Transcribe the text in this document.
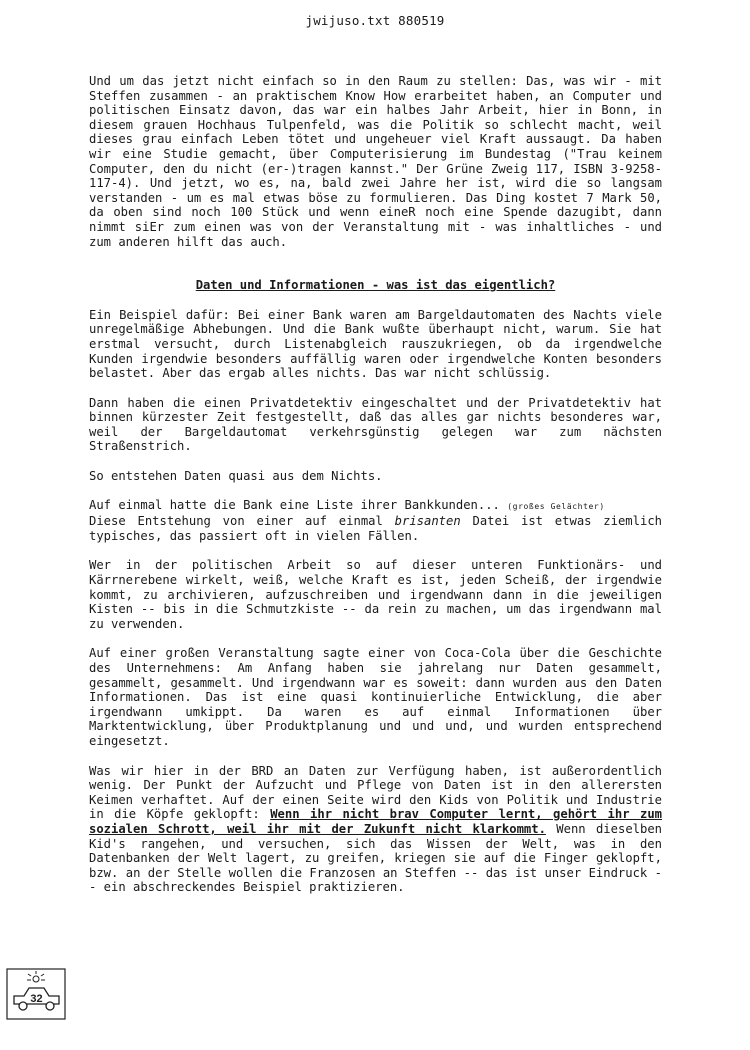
jwijuso.txt 880519

Und um das jetzt nicht einfach so in den Raum zu stellen: Das, was wir - mit Steffen zusammen - an praktischem Know How erarbeitet haben, an Computer und politischen Einsatz davon, das war ein halbes Jahr Arbeit, hier in Bonn, in diesem grauen Hochhaus Tulpenfeld, was die Politik so schlecht macht, weil dieses grau einfach Leben tötet und ungeheuer viel Kraft aussaugt. Da haben wir eine Studie gemacht, über Computerisierung im Bundestag ("Trau keinem Computer, den du nicht (er-)tragen kannst." Der Grüne Zweig 117, ISBN 3-9258-117-4). Und jetzt, wo es, na, bald zwei Jahre her ist, wird die so langsam verstanden - um es mal etwas böse zu formulieren. Das Ding kostet 7 Mark 50, da oben sind noch 100 Stück und wenn eineR noch eine Spende dazugibt, dann nimmt siEr zum einen was von der Veranstaltung mit - was inhaltliches - und zum anderen hilft das auch.

Daten und Informationen - was ist das eigentlich?

Ein Beispiel dafür: Bei einer Bank waren am Bargeldautomaten des Nachts viele unregelmäßige Abhebungen. Und die Bank wußte überhaupt nicht, warum. Sie hat erstmal versucht, durch Listenabgleich rauszukriegen, ob da irgendwelche Kunden irgendwie besonders auffällig waren oder irgendwelche Konten besonders belastet. Aber das ergab alles nichts. Das war nicht schlüssig.

Dann haben die einen Privatdetektiv eingeschaltet und der Privatdetektiv hat binnen kürzester Zeit festgestellt, daß das alles gar nichts besonderes war, weil der Bargeldautomat verkehrsgünstig gelegen war zum nächsten Straßenstrich.

So entstehen Daten quasi aus dem Nichts.

Auf einmal hatte die Bank eine Liste ihrer Bankkunden... (großes Gelächter)

Diese Entstehung von einer auf einmal brisanten Datei ist etwas ziemlich typisches, das passiert oft in vielen Fällen.

Wer in der politischen Arbeit so auf dieser unteren Funktionärs- und Kärrnerebene wirkelt, weiß, welche Kraft es ist, jeden Scheiß, der irgendwie kommt, zu archivieren, aufzuschreiben und irgendwann dann in die jeweiligen Kisten -- bis in die Schmutzkiste -- da rein zu machen, um das irgendwann mal zu verwenden.

Auf einer großen Veranstaltung sagte einer von Coca-Cola über die Geschichte des Unternehmens: Am Anfang haben sie jahrelang nur Daten gesammelt, gesammelt, gesammelt. Und irgendwann war es soweit: dann wurden aus den Daten Informationen. Das ist eine quasi kontinuierliche Entwicklung, die aber irgendwann umkippt. Da waren es auf einmal Informationen über Marktentwicklung, über Produktplanung und und und, und wurden entsprechend eingesetzt.

Was wir hier in der BRD an Daten zur Verfügung haben, ist außerordentlich wenig. Der Punkt der Aufzucht und Pflege von Daten ist in den allerersten Keimen verhaftet. Auf der einen Seite wird den Kids von Politik und Industrie in die Köpfe geklopft: Wenn ihr nicht brav Computer lernt, gehört ihr zum sozialen Schrott, weil ihr mit der Zukunft nicht klarkommt. Wenn dieselben Kid's rangehen, und versuchen, sich das Wissen der Welt, was in den Datenbanken der Welt lagert, zu greifen, kriegen sie auf die Finger geklopft, bzw. an der Stelle wollen die Franzosen an Steffen -- das ist unser Eindruck -- ein abschreckendes Beispiel praktizieren.

32
